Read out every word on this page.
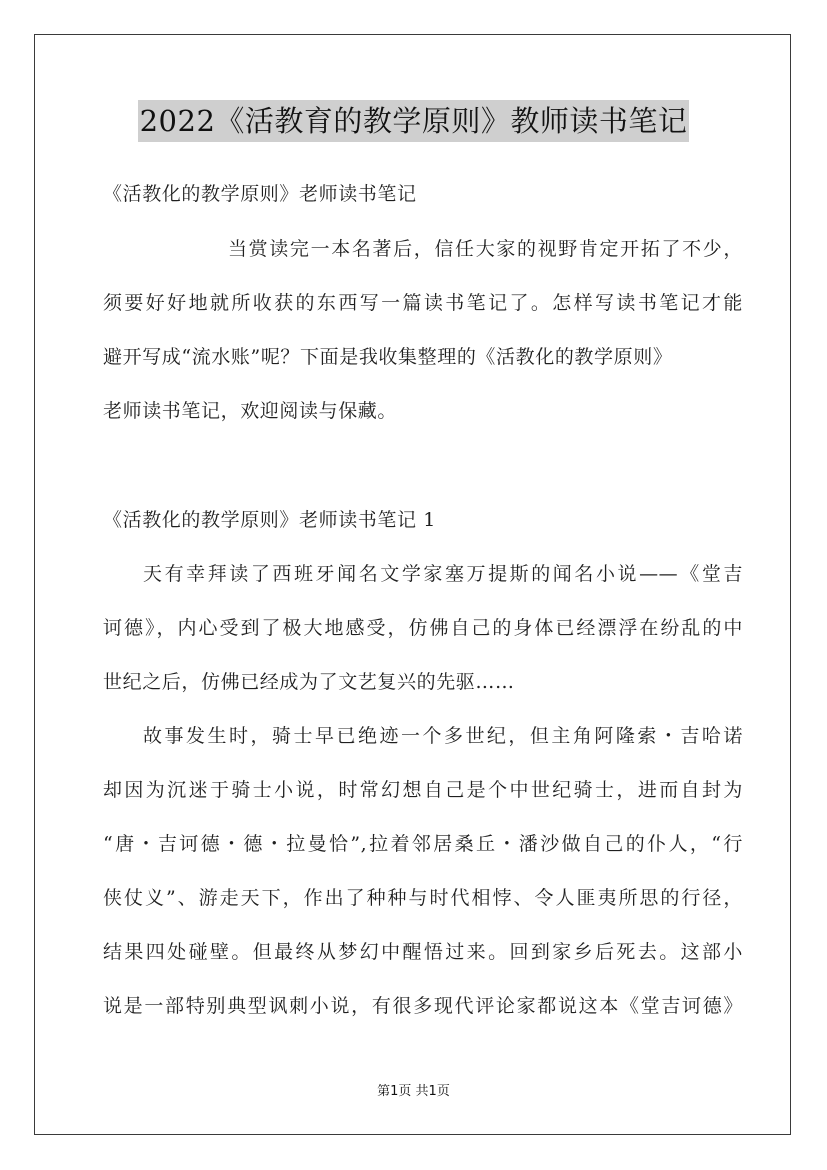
2022《活教育的教学原则》教师读书笔记
《活教化的教学原则》老师读书笔记
当赏读完一本名著后，信任大家的视野肯定开拓了不少，
须要好好地就所收获的东西写一篇读书笔记了。怎样写读书笔记才能
避开写成“流水账”呢？下面是我收集整理的《活教化的教学原则》
老师读书笔记，欢迎阅读与保藏。
《活教化的教学原则》老师读书笔记 1
天有幸拜读了西班牙闻名文学家塞万提斯的闻名小说——《堂吉
诃德》，内心受到了极大地感受，仿佛自己的身体已经漂浮在纷乱的中
世纪之后，仿佛已经成为了文艺复兴的先驱……
故事发生时，骑士早已绝迹一个多世纪，但主角阿隆索・吉哈诺
却因为沉迷于骑士小说，时常幻想自己是个中世纪骑士，进而自封为
“唐・吉诃德・德・拉曼恰”,拉着邻居桑丘・潘沙做自己的仆人，“行
侠仗义”、游走天下，作出了种种与时代相悖、令人匪夷所思的行径，
结果四处碰壁。但最终从梦幻中醒悟过来。回到家乡后死去。这部小
说是一部特别典型讽刺小说，有很多现代评论家都说这本《堂吉诃德》
第1页 共1页
